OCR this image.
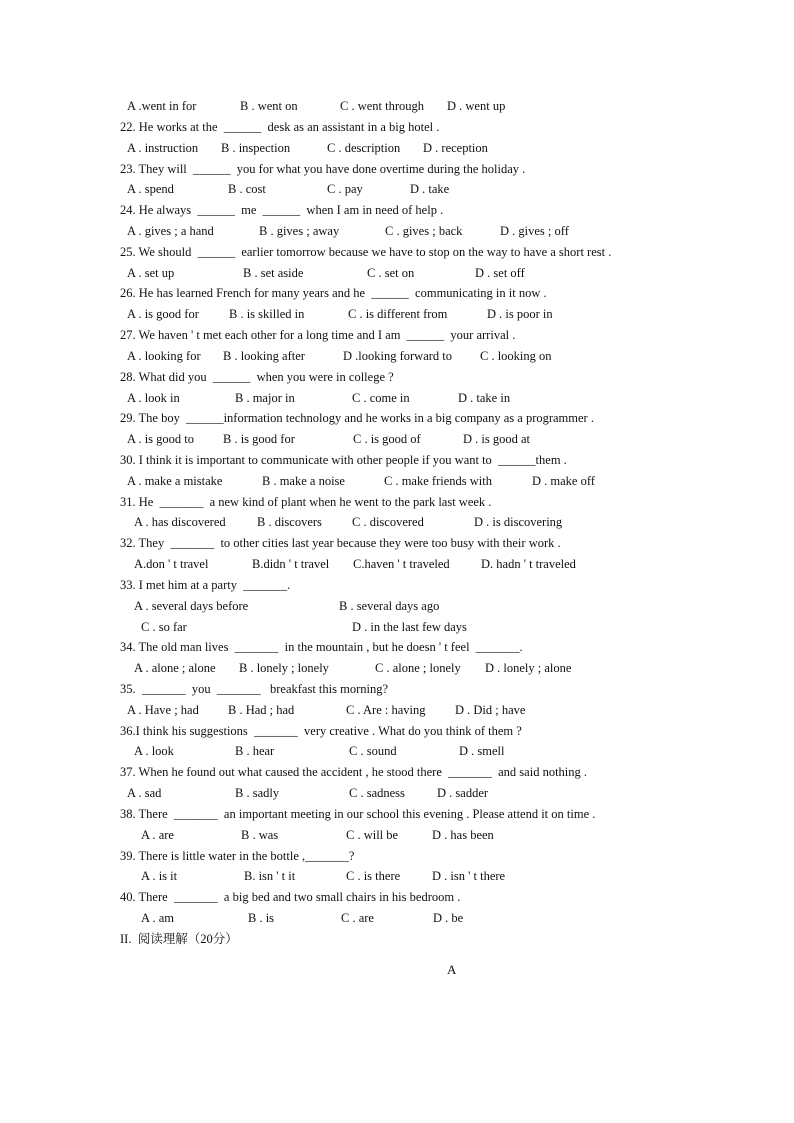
A .went in for	B . went on	C . went through D . went up
22. He works at the  ______  desk as an assistant in a big hotel .
A . instruction B . inspection	C . description D . reception
23. They will  ______  you for what you have done overtime during the holiday .
A . spend	B . cost	C . pay	D . take
24. He always  ______  me  ______  when I am in need of help .
A . gives ; a hand	B . gives ; away	C . gives ; back	D . gives ; off
25. We should  ______  earlier tomorrow because we have to stop on the way to have a short rest .
A . set up	B . set aside	C . set on	D . set off
26. He has learned French for many years and he  ______  communicating in it now .
A . is good for B . is skilled in	C . is different from	D . is poor in
27. We haven ' t met each other for a long time and I am  ______  your arrival .
A . looking for B . looking after	D .looking forward to C . looking on
28. What did you  ______  when you were in college ?
A . look in	B . major in	C . come in	D . take in
29. The boy  ______information technology and he works in a big company as a programmer .
A . is good to B . is good for	C . is good of	D . is good at
30. I think it is important to communicate with other people if you want to  ______them .
A . make a mistake	B . make a noise	C . make friends with	D . make off
31. He  _______  a new kind of plant when he went to the park last week .
A . has discovered	B . discovers C . discovered	D . is discovering
32. They  _______  to other cities last year because they were too busy with their work .
A.don ' t travel	B.didn ' t travel C.haven ' t traveled	D. hadn ' t traveled
33. I met him at a party  _______.
A . several days before	B . several days ago
C . so far	D . in the last few days
34. The old man lives  _______  in the mountain , but he doesn ' t feel  _______.
A . alone ; alone B . lonely ; lonely	C . alone ; lonely D . lonely ; alone
35.  _______  you  _______   breakfast this morning?
A . Have ; had B . Had ; had	C . Are : having D . Did ; have
36.I think his suggestions  _______  very creative . What do you think of them ?
A . look	B . hear	C . sound	D . smell
37. When he found out what caused the accident , he stood there  _______  and said nothing .
A . sad	B . sadly	C . sadness	D . sadder
38. There  _______  an important meeting in our school this evening . Please attend it on time .
A . are	B . was	C . will be	D . has been
39. There is little water in the bottle ,_______?
A . is it	B. isn ' t it	C . is there	D . isn ' t there
40. There  _______  a big bed and two small chairs in his bedroom .
A . am	B . is	C . are	D . be
II.  阅读理解（20分）
A
